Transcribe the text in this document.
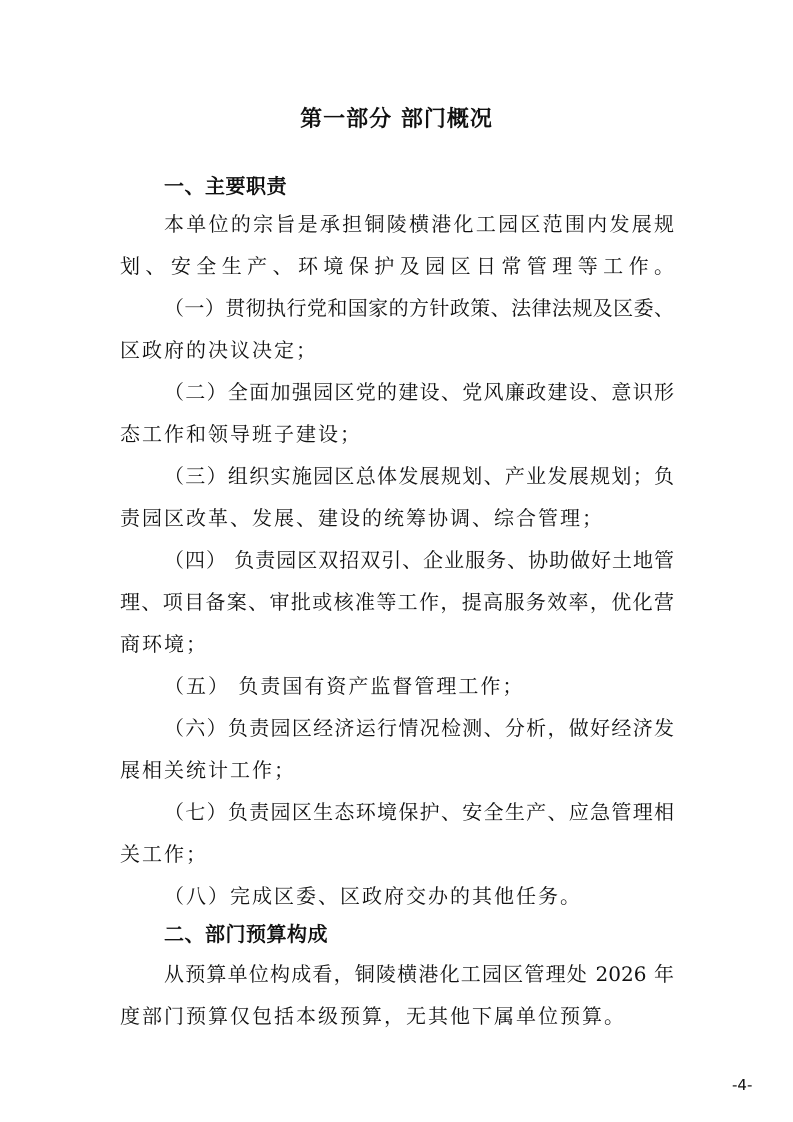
第一部分 部门概况
一、主要职责
本单位的宗旨是承担铜陵横港化工园区范围内发展规
划、安全生产、环境保护及园区日常管理等工作。
（一）贯彻执行党和国家的方针政策、法律法规及区委、
区政府的决议决定；
（二）全面加强园区党的建设、党风廉政建设、意识形
态工作和领导班子建设；
（三）组织实施园区总体发展规划、产业发展规划；负
责园区改革、发展、建设的统筹协调、综合管理；
（四） 负责园区双招双引、企业服务、协助做好土地管
理、项目备案、审批或核准等工作，提高服务效率，优化营
商环境；
（五） 负责国有资产监督管理工作；
（六）负责园区经济运行情况检测、分析，做好经济发
展相关统计工作；
（七）负责园区生态环境保护、安全生产、应急管理相
关工作；
（八）完成区委、区政府交办的其他任务。
二、部门预算构成
从预算单位构成看，铜陵横港化工园区管理处 2026 年
度部门预算仅包括本级预算，无其他下属单位预算。
-4-
